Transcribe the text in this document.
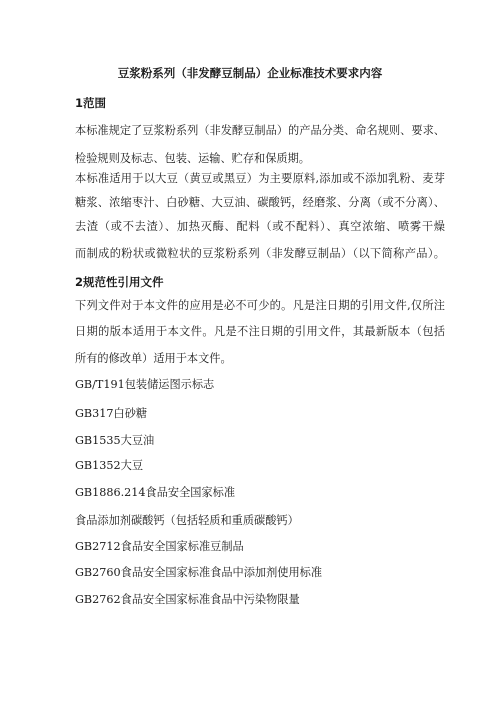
豆浆粉系列（非发酵豆制品）企业标准技术要求内容
1范围
本标准规定了豆浆粉系列（非发酵豆制品）的产品分类、命名规则、要求、
检验规则及标志、包装、运输、贮存和保质期。
本标准适用于以大豆（黄豆或黑豆）为主要原料,添加或不添加乳粉、麦芽
糖浆、浓缩枣汁、白砂糖、大豆油、碳酸钙，经磨浆、分离（或不分离）、
去渣（或不去渣）、加热灭酶、配料（或不配料）、真空浓缩、喷雾干燥
而制成的粉状或微粒状的豆浆粉系列（非发酵豆制品）（以下简称产品）。
2规范性引用文件
下列文件对于本文件的应用是必不可少的。凡是注日期的引用文件,仅所注
日期的版本适用于本文件。凡是不注日期的引用文件，其最新版本（包括
所有的修改单）适用于本文件。
GB/T191包装储运图示标志
GB317白砂糖
GB1535大豆油
GB1352大豆
GB1886.214食品安全国家标准
食品添加剂碳酸钙（包括轻质和重质碳酸钙）
GB2712食品安全国家标准豆制品
GB2760食品安全国家标准食品中添加剂使用标准
GB2762食品安全国家标准食品中污染物限量
